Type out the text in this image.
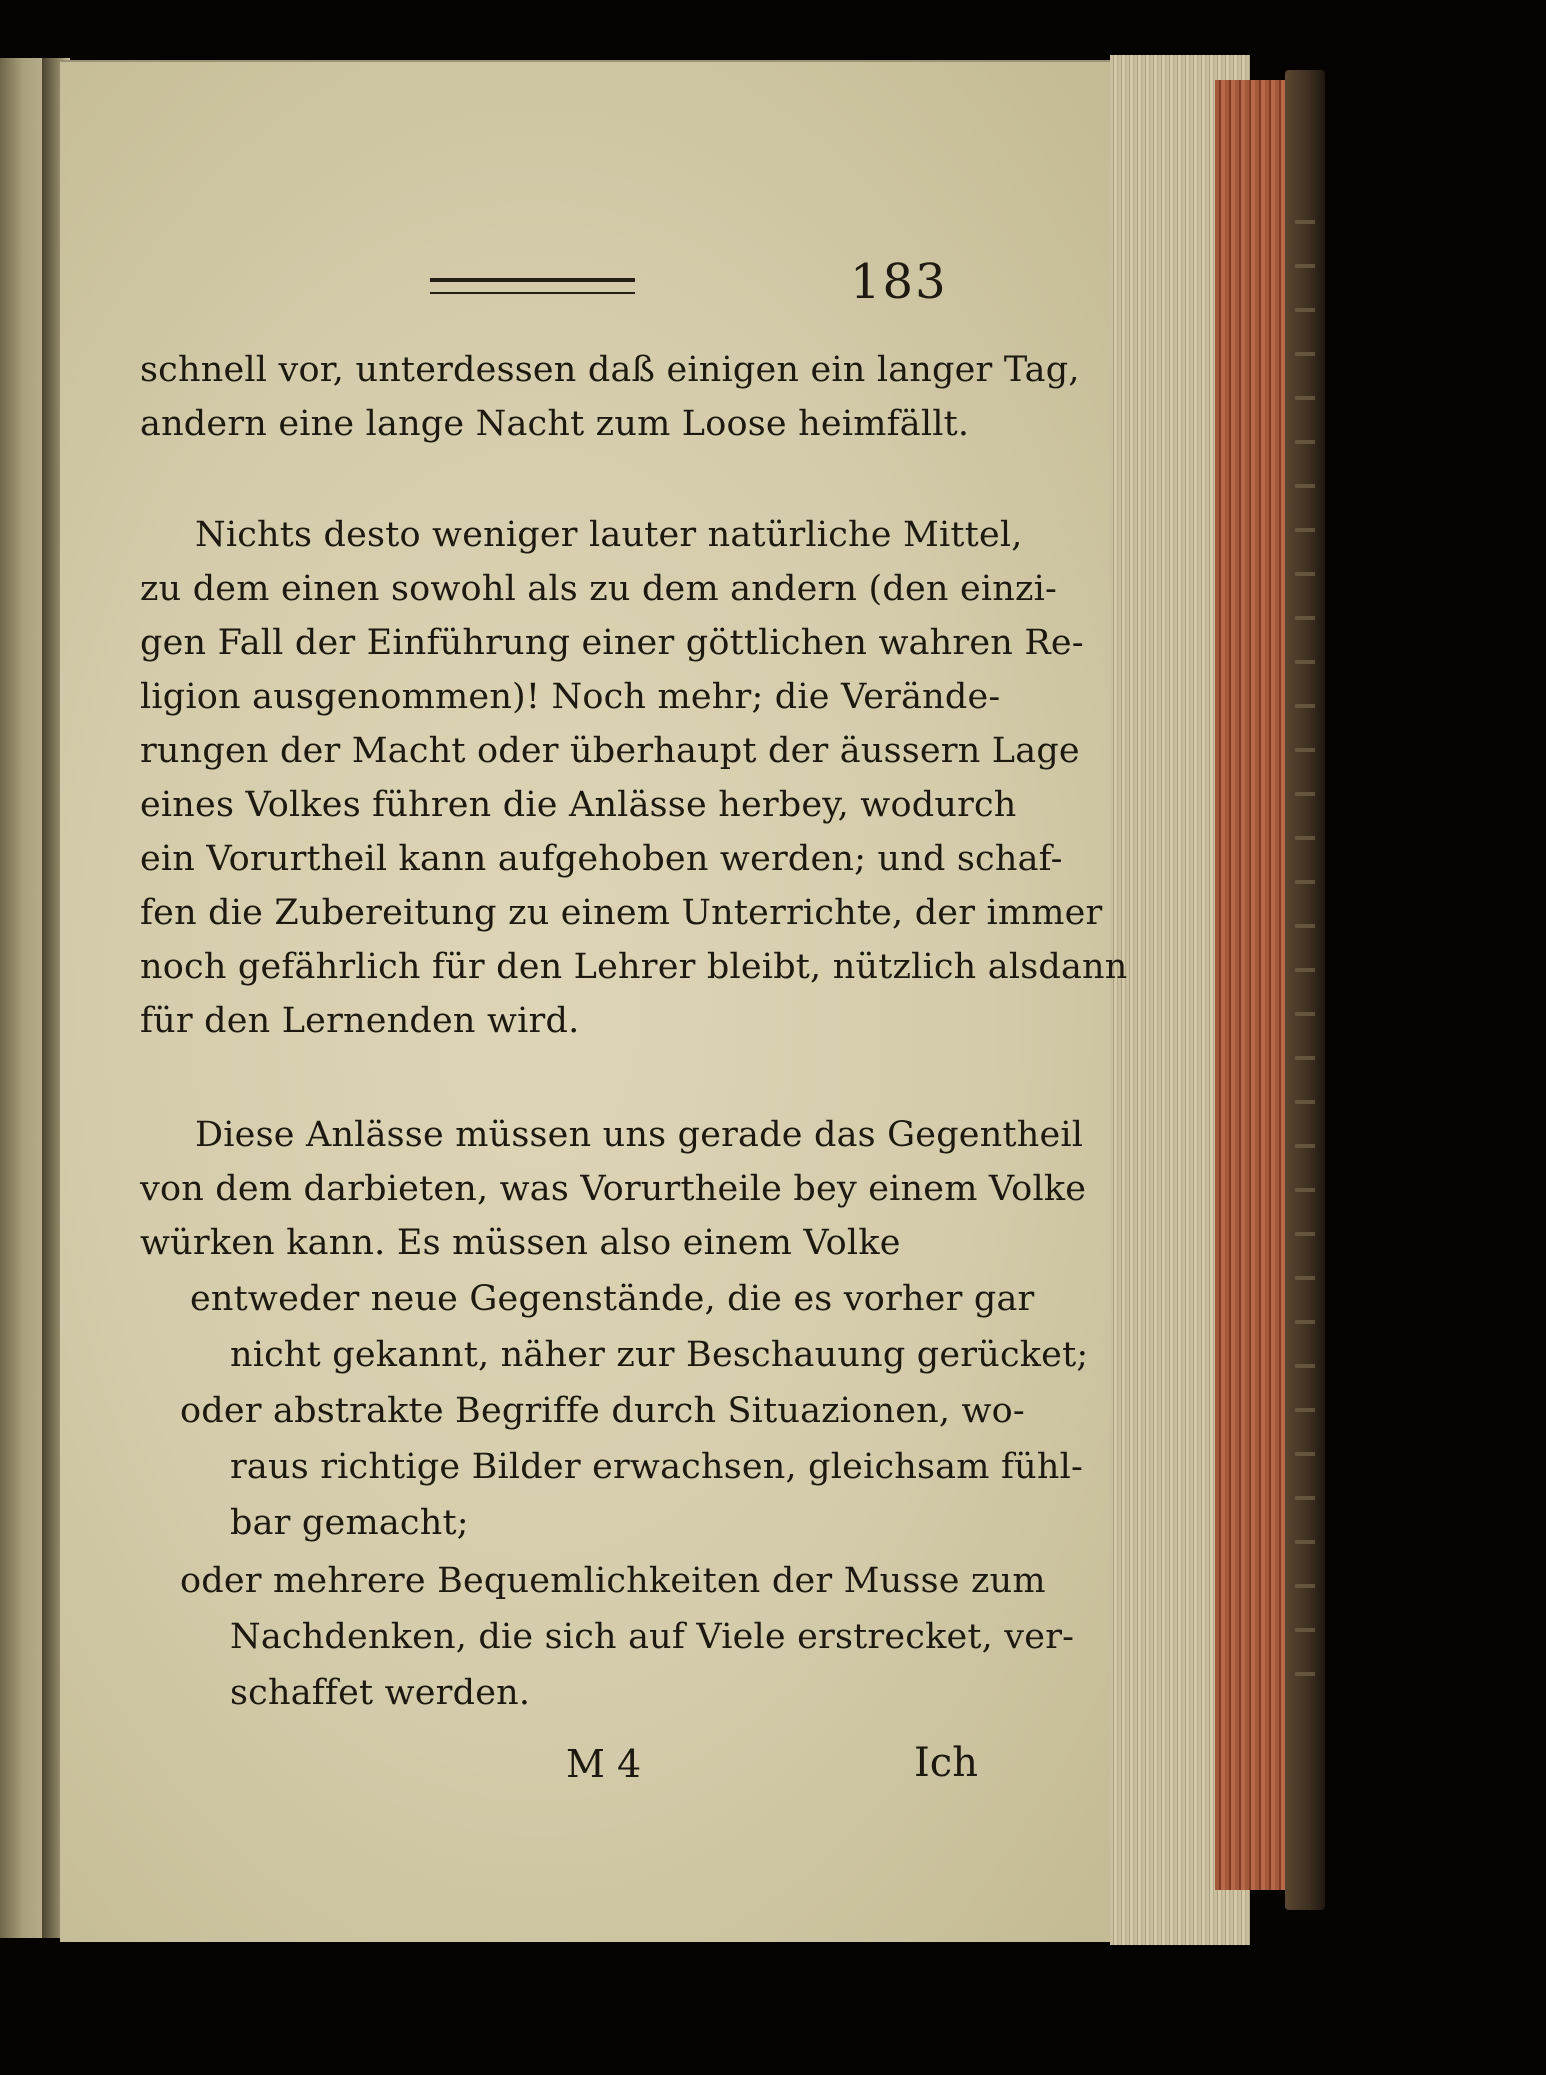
183
schnell vor, unterdessen daß einigen ein langer Tag,
andern eine lange Nacht zum Loose heimfällt.
Nichts desto weniger lauter natürliche Mittel,
zu dem einen sowohl als zu dem andern (den einzi-
gen Fall der Einführung einer göttlichen wahren Re-
ligion ausgenommen)! Noch mehr; die Verände-
rungen der Macht oder überhaupt der äussern Lage
eines Volkes führen die Anlässe herbey, wodurch
ein Vorurtheil kann aufgehoben werden; und schaf-
fen die Zubereitung zu einem Unterrichte, der immer
noch gefährlich für den Lehrer bleibt, nützlich alsdann
für den Lernenden wird.
Diese Anlässe müssen uns gerade das Gegentheil
von dem darbieten, was Vorurtheile bey einem Volke
würken kann. Es müssen also einem Volke
entweder neue Gegenstände, die es vorher gar
nicht gekannt, näher zur Beschauung gerücket;
oder abstrakte Begriffe durch Situazionen, wo-
raus richtige Bilder erwachsen, gleichsam fühl-
bar gemacht;
oder mehrere Bequemlichkeiten der Musse zum
Nachdenken, die sich auf Viele erstrecket, ver-
schaffet werden.
M 4	Ich
